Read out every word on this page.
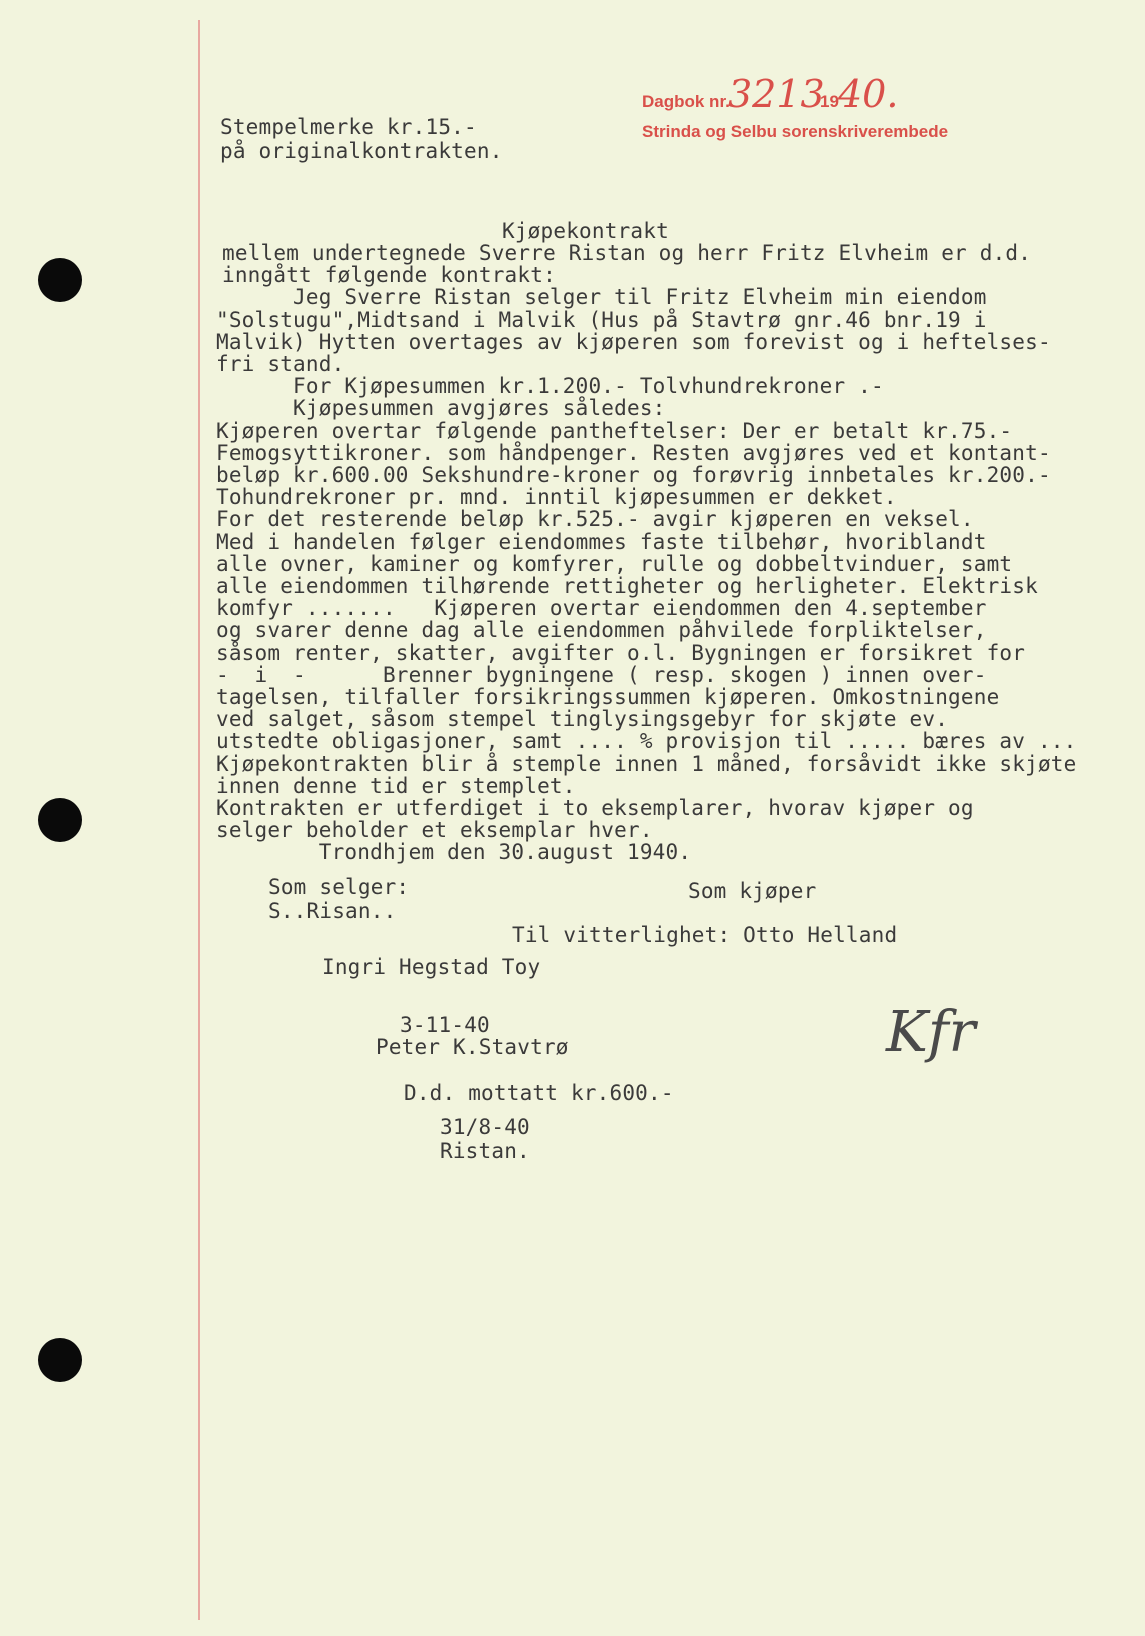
Dagbok nr.
3213
19 40.
Strinda og Selbu sorenskriverembede
Stempelmerke kr.15.-
på originalkontrakten.
Kjøpekontrakt
mellem undertegnede Sverre Ristan og herr Fritz Elvheim er d.d.
inngått følgende kontrakt:
Jeg Sverre Ristan selger til Fritz Elvheim min eiendom
"Solstugu",Midtsand i Malvik (Hus på Stavtrø gnr.46 bnr.19 i
Malvik) Hytten overtages av kjøperen som forevist og i heftelses-
fri stand.
For Kjøpesummen kr.1.200.- Tolvhundrekroner .-
Kjøpesummen avgjøres således:
Kjøperen overtar følgende pantheftelser: Der er betalt kr.75.-
Femogsyttikroner. som håndpenger. Resten avgjøres ved et kontant-
beløp kr.600.00 Sekshundre-kroner og forøvrig innbetales kr.200.-
Tohundrekroner pr. mnd. inntil kjøpesummen er dekket.
For det resterende beløp kr.525.- avgir kjøperen en veksel.
Med i handelen følger eiendommes faste tilbehør, hvoriblandt
alle ovner, kaminer og komfyrer, rulle og dobbeltvinduer, samt
alle eiendommen tilhørende rettigheter og herligheter. Elektrisk
komfyr .......   Kjøperen overtar eiendommen den 4.september
og svarer denne dag alle eiendommen påhvilede forpliktelser,
såsom renter, skatter, avgifter o.l. Bygningen er forsikret for
-  i  -      Brenner bygningene ( resp. skogen ) innen over-
tagelsen, tilfaller forsikringssummen kjøperen. Omkostningene
ved salget, såsom stempel tinglysingsgebyr for skjøte ev.
utstedte obligasjoner, samt .... % provisjon til ..... bæres av ...
Kjøpekontrakten blir å stemple innen 1 måned, forsåvidt ikke skjøte
innen denne tid er stemplet.
Kontrakten er utferdiget i to eksemplarer, hvorav kjøper og
selger beholder et eksemplar hver.
Trondhjem den 30.august 1940.
Som selger:	Som kjøper
S..Risan..
Til vitterlighet: Otto Helland
Ingri Hegstad Toy
3-11-40
Peter K.Stavtrø
D.d. mottatt kr.600.-
31/8-40
Ristan.
Kfr
